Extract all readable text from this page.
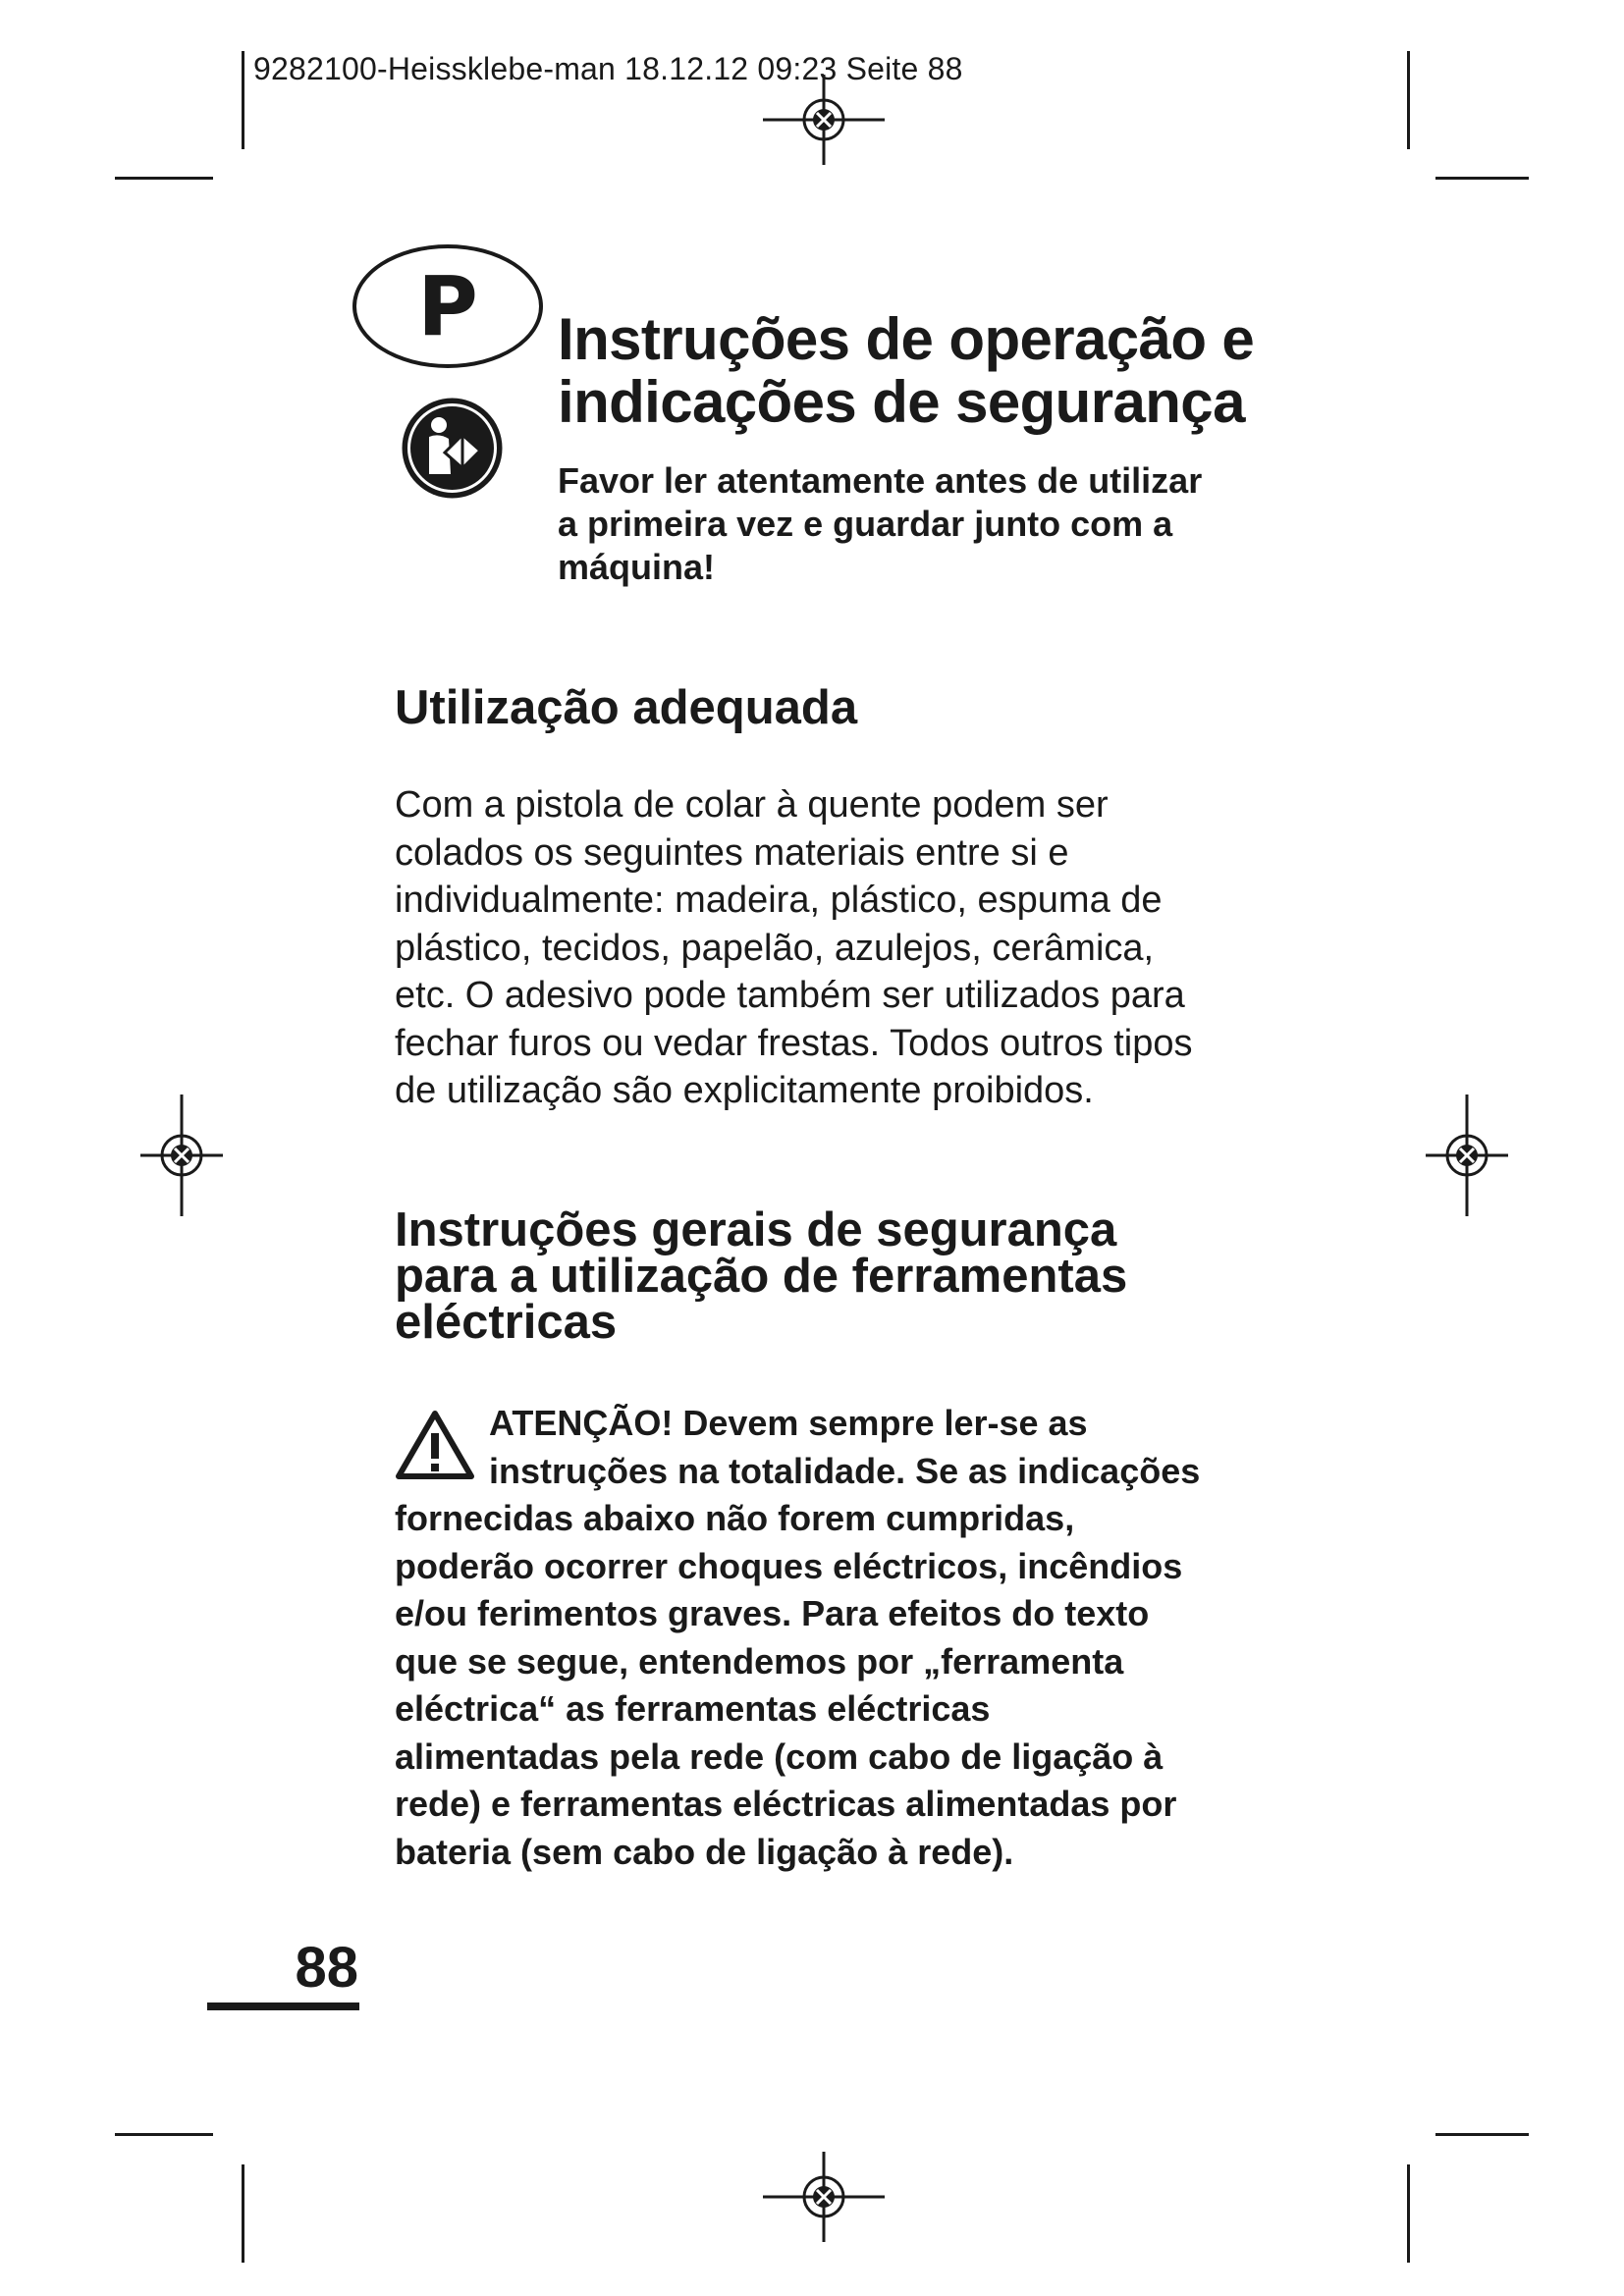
9282100-Heissklebe-man 18.12.12 09:23 Seite 88
P Instruções de operação e
indicações de segurança
Favor ler atentamente antes de utilizar
a primeira vez e guardar junto com a
máquina!
Utilização adequada
Com a pistola de colar à quente podem ser
colados os seguintes materiais entre si e
individualmente: madeira, plástico, espuma de
plástico, tecidos, papelão, azulejos, cerâmica,
etc. O adesivo pode também ser utilizados para
fechar furos ou vedar frestas. Todos outros tipos
de utilização são explicitamente proibidos.
Instruções gerais de segurança
para a utilização de ferramentas
eléctricas
ATENÇÃO! Devem sempre ler-se as
instruções na totalidade. Se as indicações
fornecidas abaixo não forem cumpridas,
poderão ocorrer choques eléctricos, incêndios
e/ou ferimentos graves. Para efeitos do texto
que se segue, entendemos por „ferramenta
eléctrica“ as ferramentas eléctricas
alimentadas pela rede (com cabo de ligação à
rede) e ferramentas eléctricas alimentadas por
bateria (sem cabo de ligação à rede).
88
